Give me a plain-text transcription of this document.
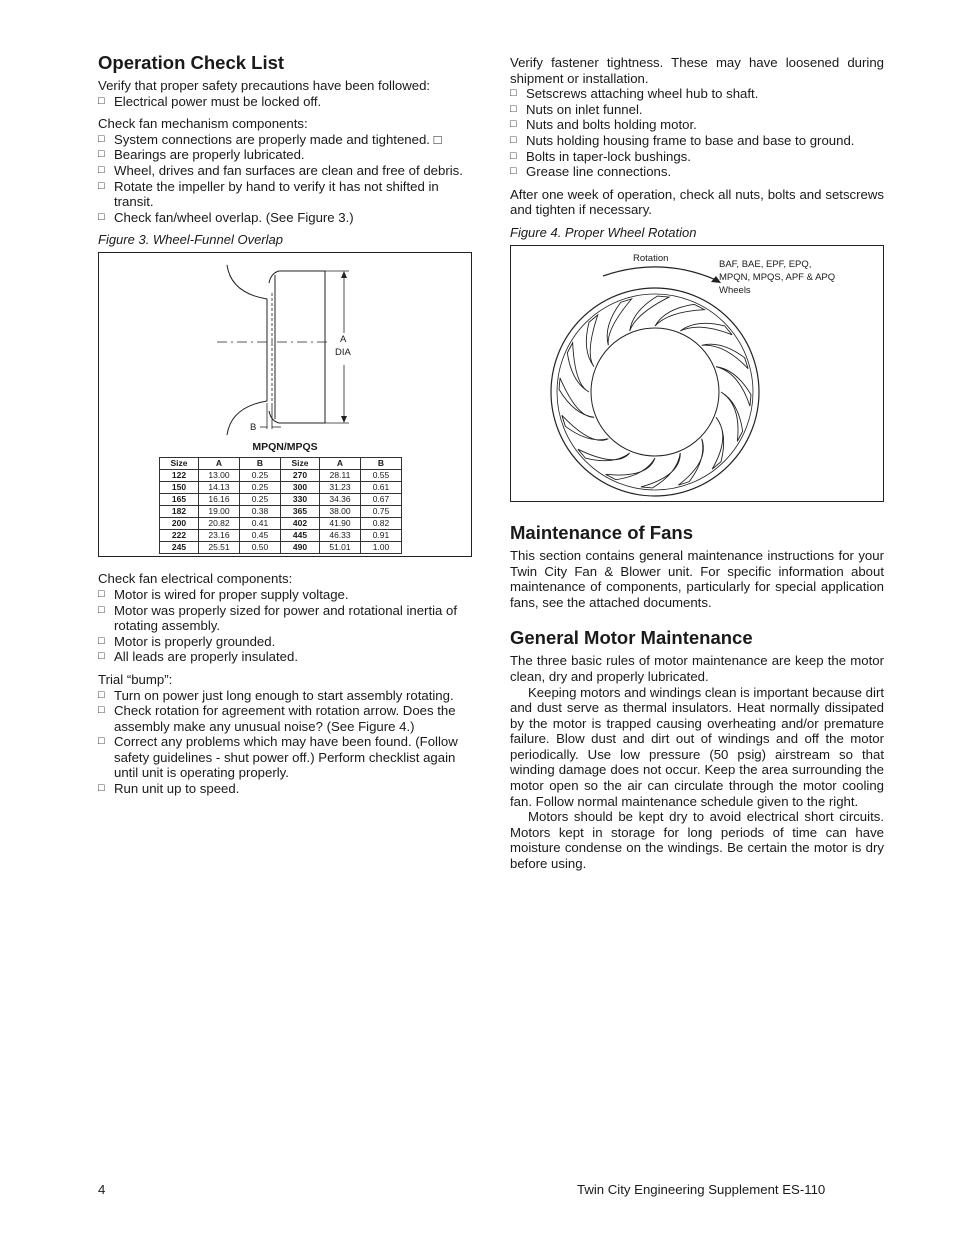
Operation Check List

Verify that proper safety precautions have been followed:

□ Electrical power must be locked off.

Check fan mechanism components:

□ System connections are properly made and tightened. □
□ Bearings are properly lubricated.
□ Wheel, drives and fan surfaces are clean and free of debris.
□ Rotate the impeller by hand to verify it has not shifted in transit.
□ Check fan/wheel overlap. (See Figure 3.)
Figure 3. Wheel-Funnel Overlap
A
DIA
B
MPQN/MPQS
Size	A	B	Size	A	B
122	13.00	0.25	270	28.11	0.55
150	14.13	0.25	300	31.23	0.61
165	16.16	0.25	330	34.36	0.67
182	19.00	0.38	365	38.00	0.75
200	20.82	0.41	402	41.90	0.82
222	23.16	0.45	445	46.33	0.91
245	25.51	0.50	490	51.01	1.00

Check fan electrical components:

□ Motor is wired for proper supply voltage.
□ Motor was properly sized for power and rotational inertia of rotating assembly.
□ Motor is properly grounded.
□ All leads are properly insulated.

Trial “bump”:

□ Turn on power just long enough to start assembly rotating.
□ Check rotation for agreement with rotation arrow. Does the assembly make any unusual noise? (See Figure 4.)
□ Correct any problems which may have been found. (Follow safety guidelines - shut power off.) Perform checklist again until unit is operating properly.
□ Run unit up to speed.

Verify fastener tightness. These may have loosened during shipment or installation.

□ Setscrews attaching wheel hub to shaft.
□ Nuts on inlet funnel.
□ Nuts and bolts holding motor.
□ Nuts holding housing frame to base and base to ground.
□ Bolts in taper-lock bushings.
□ Grease line connections.

After one week of operation, check all nuts, bolts and setscrews and tighten if necessary.

Figure 4. Proper Wheel Rotation
Rotation
BAF, BAE, EPF, EPQ,
MPQN, MPQS, APF & APQ
Wheels
Maintenance of Fans

This section contains general maintenance instructions for your Twin City Fan & Blower unit. For specific information about maintenance of components, particularly for special application fans, see the attached documents.

General Motor Maintenance

The three basic rules of motor maintenance are keep the motor clean, dry and properly lubricated.

Keeping motors and windings clean is important because dirt and dust serve as thermal insulators. Heat normally dissipated by the motor is trapped causing overheating and/or premature failure. Blow dust and dirt out of windings and off the motor periodically. Use low pressure (50 psig) airstream so that winding damage does not occur. Keep the area surrounding the motor open so the air can circulate through the motor cooling fan. Follow normal maintenance schedule given to the right.

Motors should be kept dry to avoid electrical short circuits. Motors kept in storage for long periods of time can have moisture condense on the windings. Be certain the motor is dry before using.

4	Twin City Engineering Supplement ES-110
